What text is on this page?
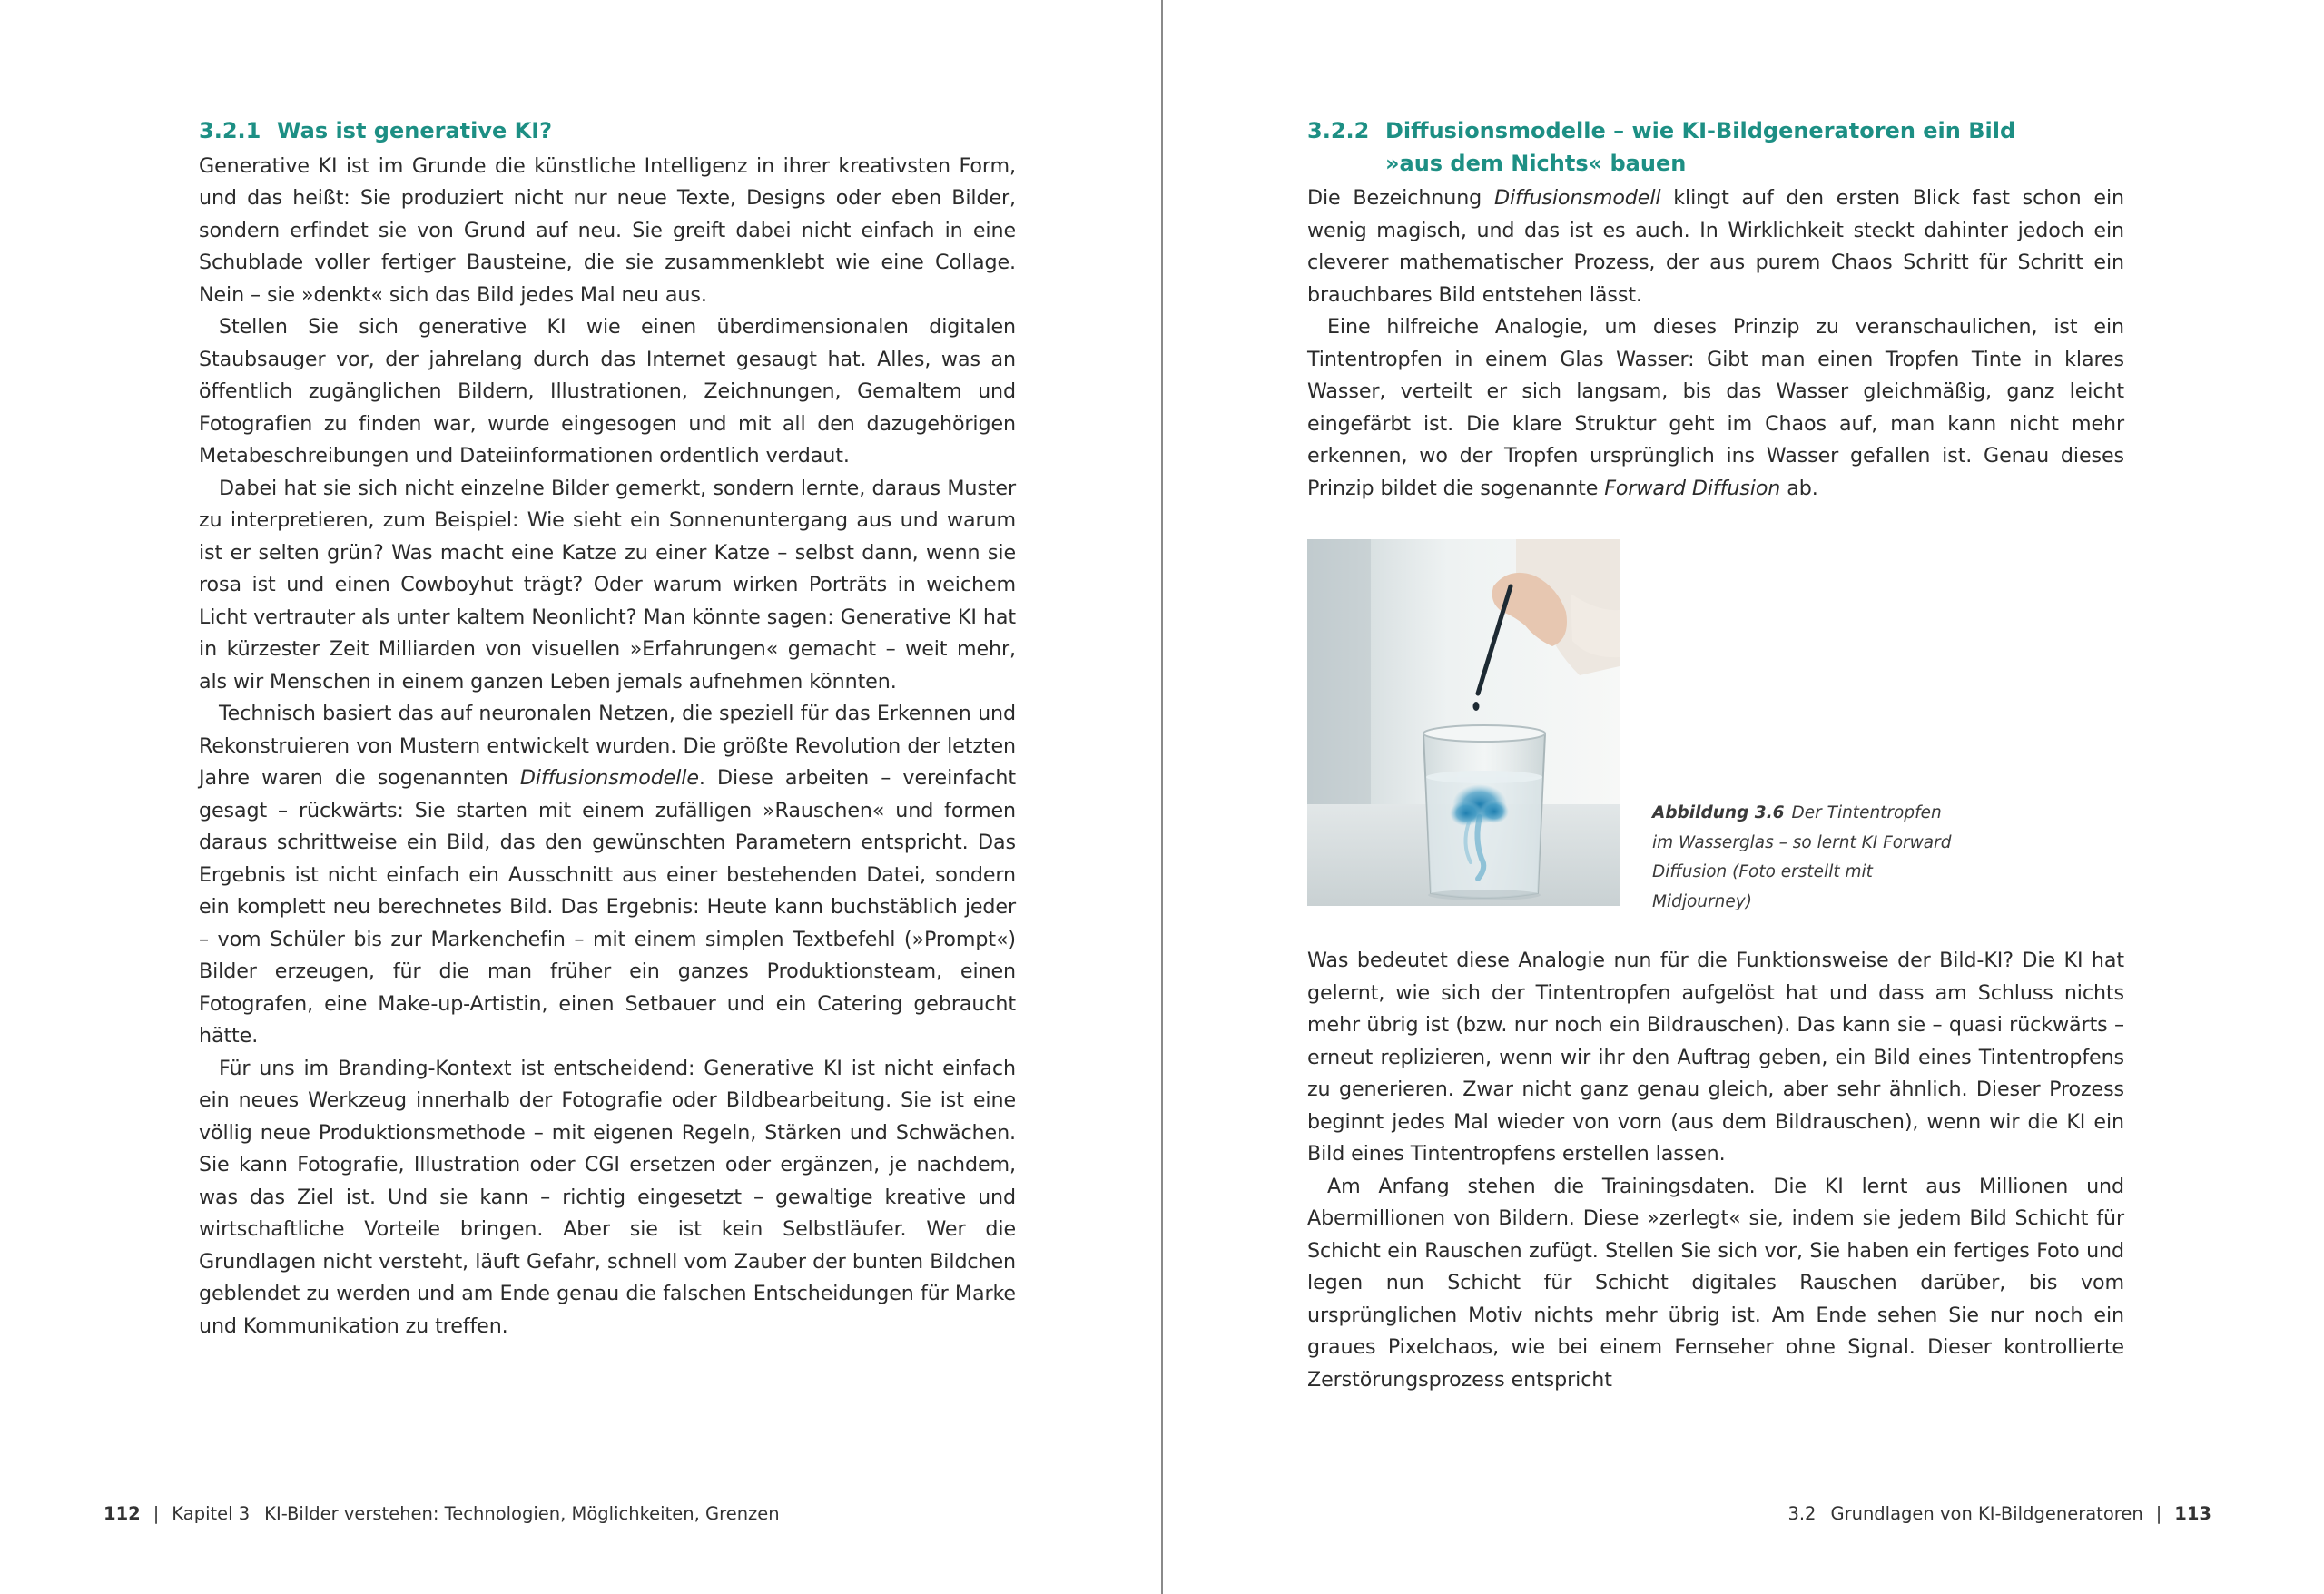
3.2.1 Was ist generative KI?

Generative KI ist im Grunde die künstliche Intelligenz in ihrer kreativsten Form, und das heißt: Sie produziert nicht nur neue Texte, Designs oder eben Bilder, sondern erfindet sie von Grund auf neu. Sie greift dabei nicht einfach in eine Schublade voller fertiger Bausteine, die sie zusammenklebt wie eine Collage. Nein – sie »denkt« sich das Bild jedes Mal neu aus.

Stellen Sie sich generative KI wie einen überdimensionalen digitalen Staubsauger vor, der jahrelang durch das Internet gesaugt hat. Alles, was an öffentlich zugänglichen Bildern, Illustrationen, Zeichnungen, Gemaltem und Fotografien zu finden war, wurde eingesogen und mit all den dazugehörigen Metabeschreibungen und Dateiinformationen ordentlich verdaut.

Dabei hat sie sich nicht einzelne Bilder gemerkt, sondern lernte, daraus Muster zu interpretieren, zum Beispiel: Wie sieht ein Sonnenuntergang aus und warum ist er selten grün? Was macht eine Katze zu einer Katze – selbst dann, wenn sie rosa ist und einen Cowboyhut trägt? Oder warum wirken Porträts in weichem Licht vertrauter als unter kaltem Neonlicht? Man könnte sagen: Generative KI hat in kürzester Zeit Milliarden von visuellen »Erfahrungen« gemacht – weit mehr, als wir Menschen in einem ganzen Leben jemals aufnehmen könnten.

Technisch basiert das auf neuronalen Netzen, die speziell für das Erkennen und Rekonstruieren von Mustern entwickelt wurden. Die größte Revolution der letzten Jahre waren die sogenannten Diffusionsmodelle. Diese arbeiten – vereinfacht gesagt – rückwärts: Sie starten mit einem zufälligen »Rauschen« und formen daraus schrittweise ein Bild, das den gewünschten Parametern entspricht. Das Ergebnis ist nicht einfach ein Ausschnitt aus einer bestehenden Datei, sondern ein komplett neu berechnetes Bild. Das Ergebnis: Heute kann buchstäblich jeder – vom Schüler bis zur Markenchefin – mit einem simplen Textbefehl (»Prompt«) Bilder erzeugen, für die man früher ein ganzes Produktionsteam, einen Fotografen, eine Make-up-Artistin, einen Setbauer und ein Catering gebraucht hätte.

Für uns im Branding-Kontext ist entscheidend: Generative KI ist nicht einfach ein neues Werkzeug innerhalb der Fotografie oder Bildbearbeitung. Sie ist eine völlig neue Produktionsmethode – mit eigenen Regeln, Stärken und Schwächen. Sie kann Fotografie, Illustration oder CGI ersetzen oder ergänzen, je nachdem, was das Ziel ist. Und sie kann – richtig eingesetzt – gewaltige kreative und wirtschaftliche Vorteile bringen. Aber sie ist kein Selbstläufer. Wer die Grundlagen nicht versteht, läuft Gefahr, schnell vom Zauber der bunten Bildchen geblendet zu werden und am Ende genau die falschen Entscheidungen für Marke und Kommunikation zu treffen.

112 | Kapitel 3 KI-Bilder verstehen: Technologien, Möglichkeiten, Grenzen
3.2.2 Diffusionsmodelle – wie KI-Bildgeneratoren ein Bild
»aus dem Nichts« bauen

Die Bezeichnung Diffusionsmodell klingt auf den ersten Blick fast schon ein wenig magisch, und das ist es auch. In Wirklichkeit steckt dahinter jedoch ein cleverer mathematischer Prozess, der aus purem Chaos Schritt für Schritt ein brauchbares Bild entstehen lässt.

Eine hilfreiche Analogie, um dieses Prinzip zu veranschaulichen, ist ein Tintentropfen in einem Glas Wasser: Gibt man einen Tropfen Tinte in klares Wasser, verteilt er sich langsam, bis das Wasser gleichmäßig, ganz leicht eingefärbt ist. Die klare Struktur geht im Chaos auf, man kann nicht mehr erkennen, wo der Tropfen ursprünglich ins Wasser gefallen ist. Genau dieses Prinzip bildet die sogenannte Forward Diffusion ab.

Abbildung 3.6 Der Tintentropfen im Wasserglas – so lernt KI Forward Diffusion (Foto erstellt mit Midjourney)

Was bedeutet diese Analogie nun für die Funktionsweise der Bild-KI? Die KI hat gelernt, wie sich der Tintentropfen aufgelöst hat und dass am Schluss nichts mehr übrig ist (bzw. nur noch ein Bildrauschen). Das kann sie – quasi rückwärts – erneut replizieren, wenn wir ihr den Auftrag geben, ein Bild eines Tintentropfens zu generieren. Zwar nicht ganz genau gleich, aber sehr ähnlich. Dieser Prozess beginnt jedes Mal wieder von vorn (aus dem Bildrauschen), wenn wir die KI ein Bild eines Tintentropfens erstellen lassen.

Am Anfang stehen die Trainingsdaten. Die KI lernt aus Millionen und Abermillionen von Bildern. Diese »zerlegt« sie, indem sie jedem Bild Schicht für Schicht ein Rauschen zufügt. Stellen Sie sich vor, Sie haben ein fertiges Foto und legen nun Schicht für Schicht digitales Rauschen darüber, bis vom ursprünglichen Motiv nichts mehr übrig ist. Am Ende sehen Sie nur noch ein graues Pixelchaos, wie bei einem Fernseher ohne Signal. Dieser kontrollierte Zerstörungsprozess entspricht

3.2 Grundlagen von KI-Bildgeneratoren | 113
